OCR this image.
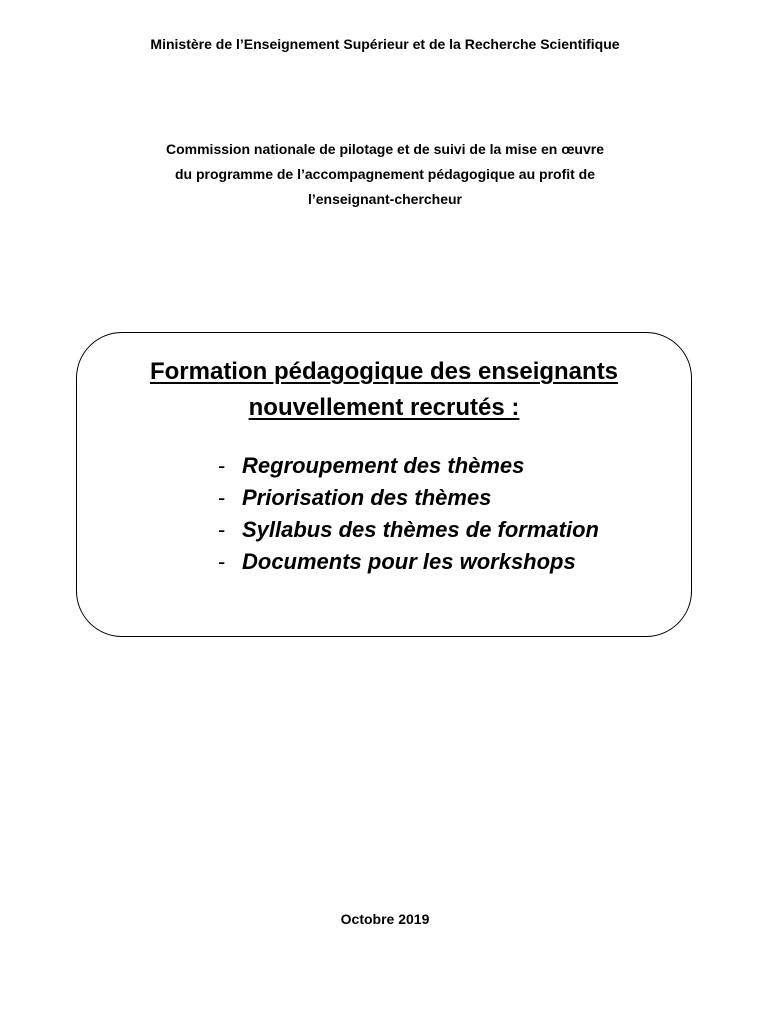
Ministère de l’Enseignement Supérieur et de la Recherche Scientifique
Commission nationale de pilotage et de suivi de la mise en œuvre
du programme de l’accompagnement pédagogique au profit de
l’enseignant-chercheur
Formation pédagogique des enseignants
nouvellement recrutés :
- Regroupement des thèmes
- Priorisation des thèmes
- Syllabus des thèmes de formation
- Documents pour les workshops
Octobre 2019
